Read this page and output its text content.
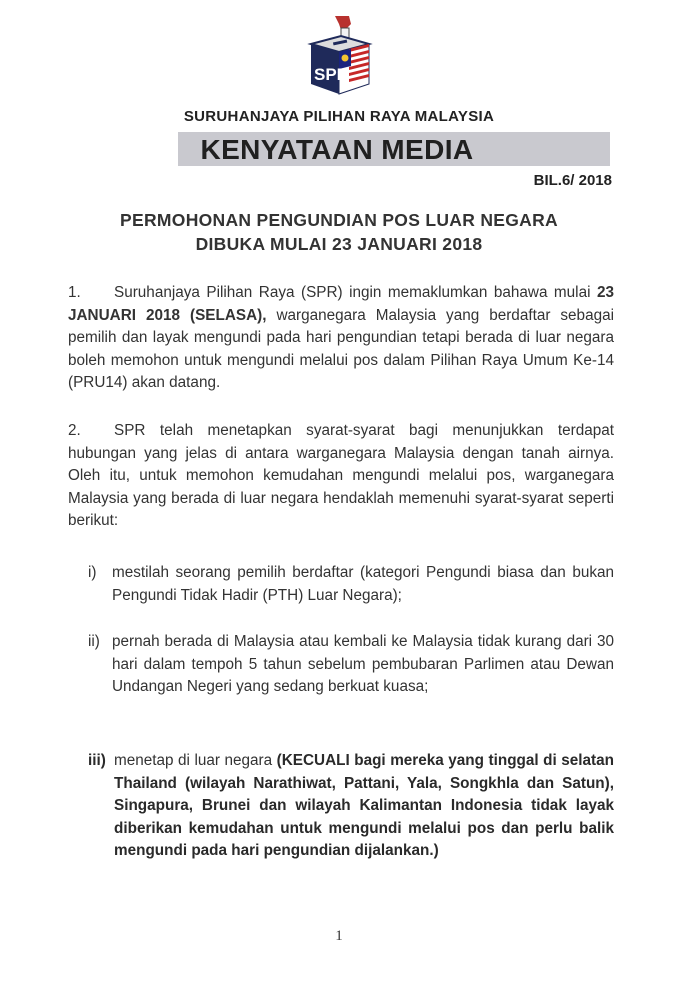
SPR
SURUHANJAYA PILIHAN RAYA MALAYSIA
KENYATAAN MEDIA
BIL.6/ 2018
PERMOHONAN PENGUNDIAN POS LUAR NEGARA
DIBUKA MULAI 23 JANUARI 2018
1. Suruhanjaya Pilihan Raya (SPR) ingin memaklumkan bahawa mulai 23 JANUARI 2018 (SELASA), warganegara Malaysia yang berdaftar sebagai pemilih dan layak mengundi pada hari pengundian tetapi berada di luar negara boleh memohon untuk mengundi melalui pos dalam Pilihan Raya Umum Ke-14 (PRU14) akan datang.
2. SPR telah menetapkan syarat-syarat bagi menunjukkan terdapat hubungan yang jelas di antara warganegara Malaysia dengan tanah airnya. Oleh itu, untuk memohon kemudahan mengundi melalui pos, warganegara Malaysia yang berada di luar negara hendaklah memenuhi syarat-syarat seperti berikut:
i)	mestilah seorang pemilih berdaftar (kategori Pengundi biasa dan bukan Pengundi Tidak Hadir (PTH) Luar Negara);
ii) pernah berada di Malaysia atau kembali ke Malaysia tidak kurang dari 30 hari dalam tempoh 5 tahun sebelum pembubaran Parlimen atau Dewan Undangan Negeri yang sedang berkuat kuasa;
iii) menetap di luar negara (KECUALI bagi mereka yang tinggal di selatan Thailand (wilayah Narathiwat, Pattani, Yala, Songkhla dan Satun), Singapura, Brunei dan wilayah Kalimantan Indonesia tidak layak diberikan kemudahan untuk mengundi melalui pos dan perlu balik mengundi pada hari pengundian dijalankan.)
1
